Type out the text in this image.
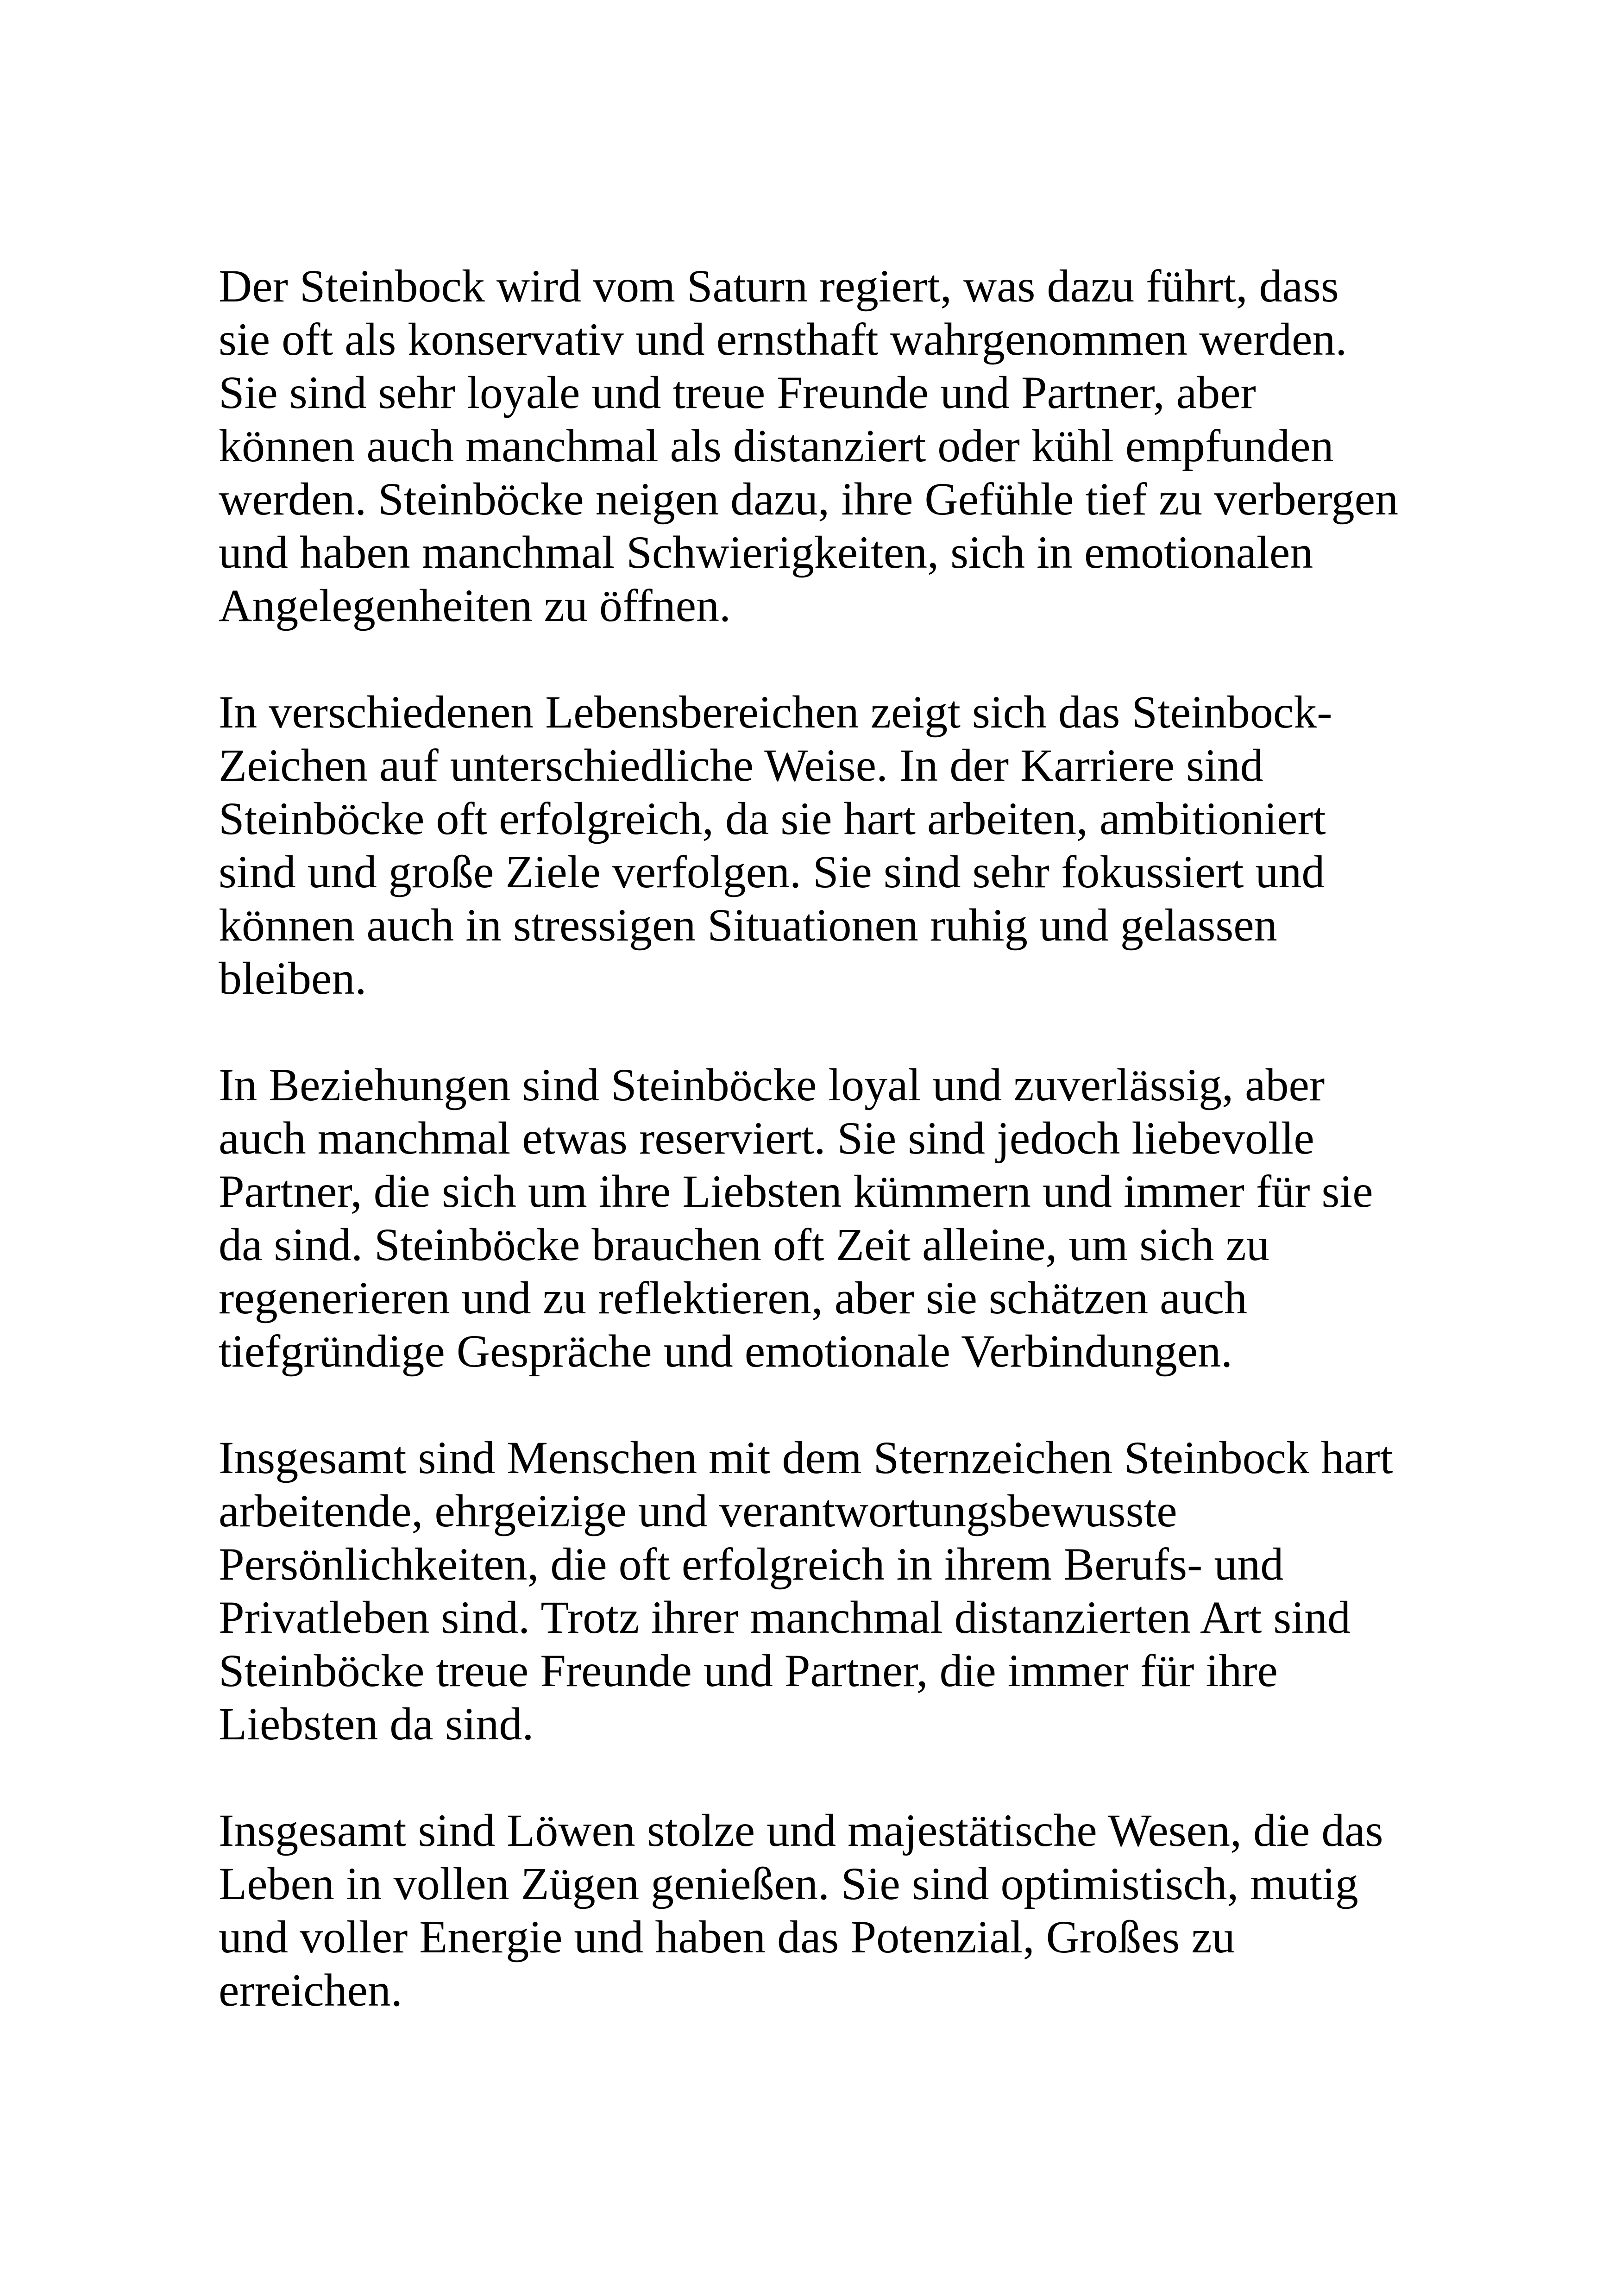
Der Steinbock wird vom Saturn regiert, was dazu führt, dass
sie oft als konservativ und ernsthaft wahrgenommen werden.
Sie sind sehr loyale und treue Freunde und Partner, aber
können auch manchmal als distanziert oder kühl empfunden
werden. Steinböcke neigen dazu, ihre Gefühle tief zu verbergen
und haben manchmal Schwierigkeiten, sich in emotionalen
Angelegenheiten zu öffnen.

In verschiedenen Lebensbereichen zeigt sich das Steinbock-
Zeichen auf unterschiedliche Weise. In der Karriere sind
Steinböcke oft erfolgreich, da sie hart arbeiten, ambitioniert
sind und große Ziele verfolgen. Sie sind sehr fokussiert und
können auch in stressigen Situationen ruhig und gelassen
bleiben.

In Beziehungen sind Steinböcke loyal und zuverlässig, aber
auch manchmal etwas reserviert. Sie sind jedoch liebevolle
Partner, die sich um ihre Liebsten kümmern und immer für sie
da sind. Steinböcke brauchen oft Zeit alleine, um sich zu
regenerieren und zu reflektieren, aber sie schätzen auch
tiefgründige Gespräche und emotionale Verbindungen.

Insgesamt sind Menschen mit dem Sternzeichen Steinbock hart
arbeitende, ehrgeizige und verantwortungsbewusste
Persönlichkeiten, die oft erfolgreich in ihrem Berufs- und
Privatleben sind. Trotz ihrer manchmal distanzierten Art sind
Steinböcke treue Freunde und Partner, die immer für ihre
Liebsten da sind.

Insgesamt sind Löwen stolze und majestätische Wesen, die das
Leben in vollen Zügen genießen. Sie sind optimistisch, mutig
und voller Energie und haben das Potenzial, Großes zu
erreichen.
